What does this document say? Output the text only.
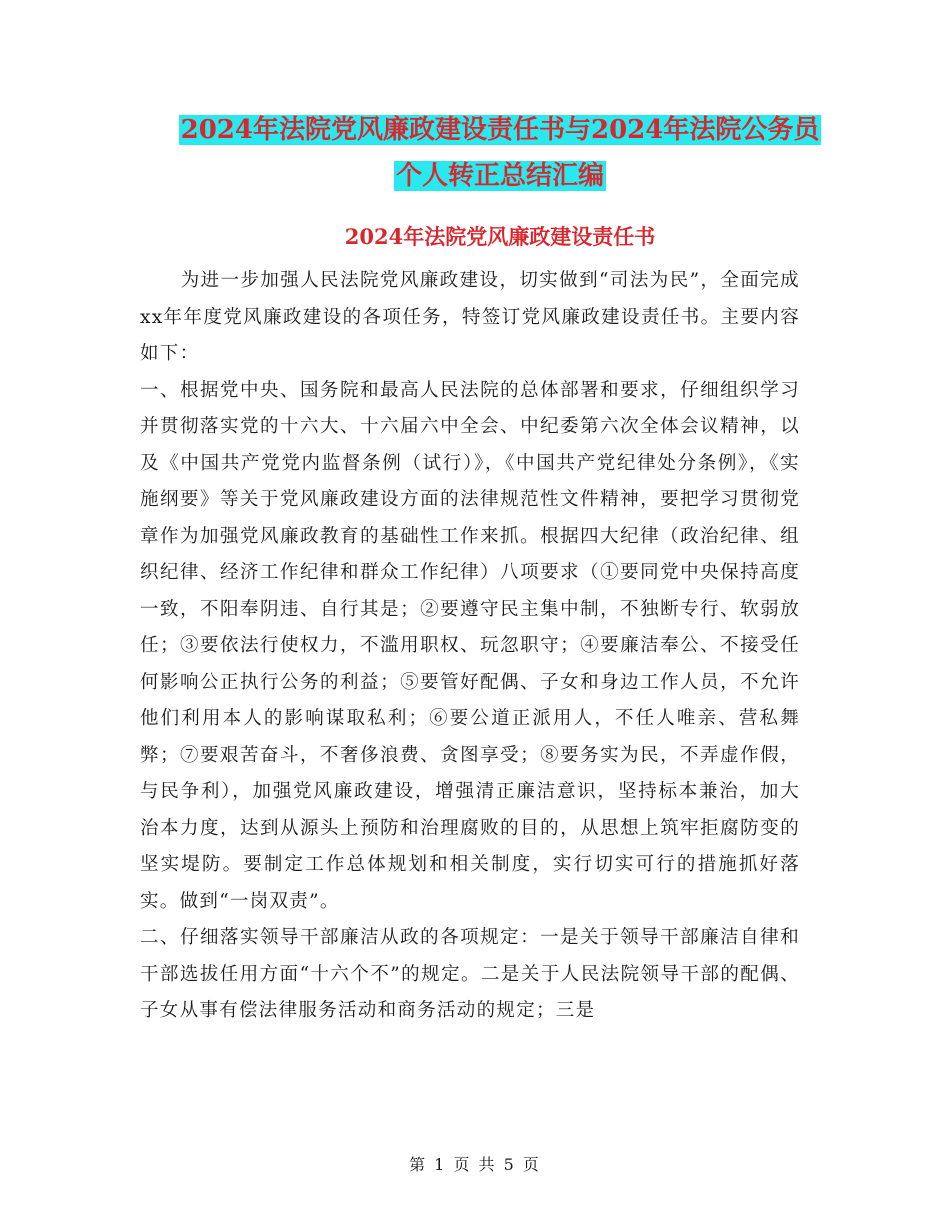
2024年法院党风廉政建设责任书与2024年法院公务员
个人转正总结汇编
2024年法院党风廉政建设责任书

为进一步加强人民法院党风廉政建设，切实做到“司法为民”，全面完成xx年年度党风廉政建设的各项任务，特签订党风廉政建设责任书。主要内容如下：

一、根据党中央、国务院和最高人民法院的总体部署和要求，仔细组织学习并贯彻落实党的十六大、十六届六中全会、中纪委第六次全体会议精神，以及《中国共产党党内监督条例（试行）》，《中国共产党纪律处分条例》，《实施纲要》等关于党风廉政建设方面的法律规范性文件精神，要把学习贯彻党章作为加强党风廉政教育的基础性工作来抓。根据四大纪律（政治纪律、组织纪律、经济工作纪律和群众工作纪律）八项要求（①要同党中央保持高度一致，不阳奉阴违、自行其是；②要遵守民主集中制，不独断专行、软弱放任；③要依法行使权力，不滥用职权、玩忽职守；④要廉洁奉公、不接受任何影响公正执行公务的利益；⑤要管好配偶、子女和身边工作人员，不允许他们利用本人的影响谋取私利；⑥要公道正派用人，不任人唯亲、营私舞弊；⑦要艰苦奋斗，不奢侈浪费、贪图享受；⑧要务实为民，不弄虚作假，与民争利），加强党风廉政建设，增强清正廉洁意识，坚持标本兼治，加大治本力度，达到从源头上预防和治理腐败的目的，从思想上筑牢拒腐防变的坚实堤防。要制定工作总体规划和相关制度，实行切实可行的措施抓好落实。做到“一岗双责”。

二、仔细落实领导干部廉洁从政的各项规定：一是关于领导干部廉洁自律和干部选拔任用方面“十六个不”的规定。二是关于人民法院领导干部的配偶、子女从事有偿法律服务活动和商务活动的规定；三是

第 1 页 共 5 页
